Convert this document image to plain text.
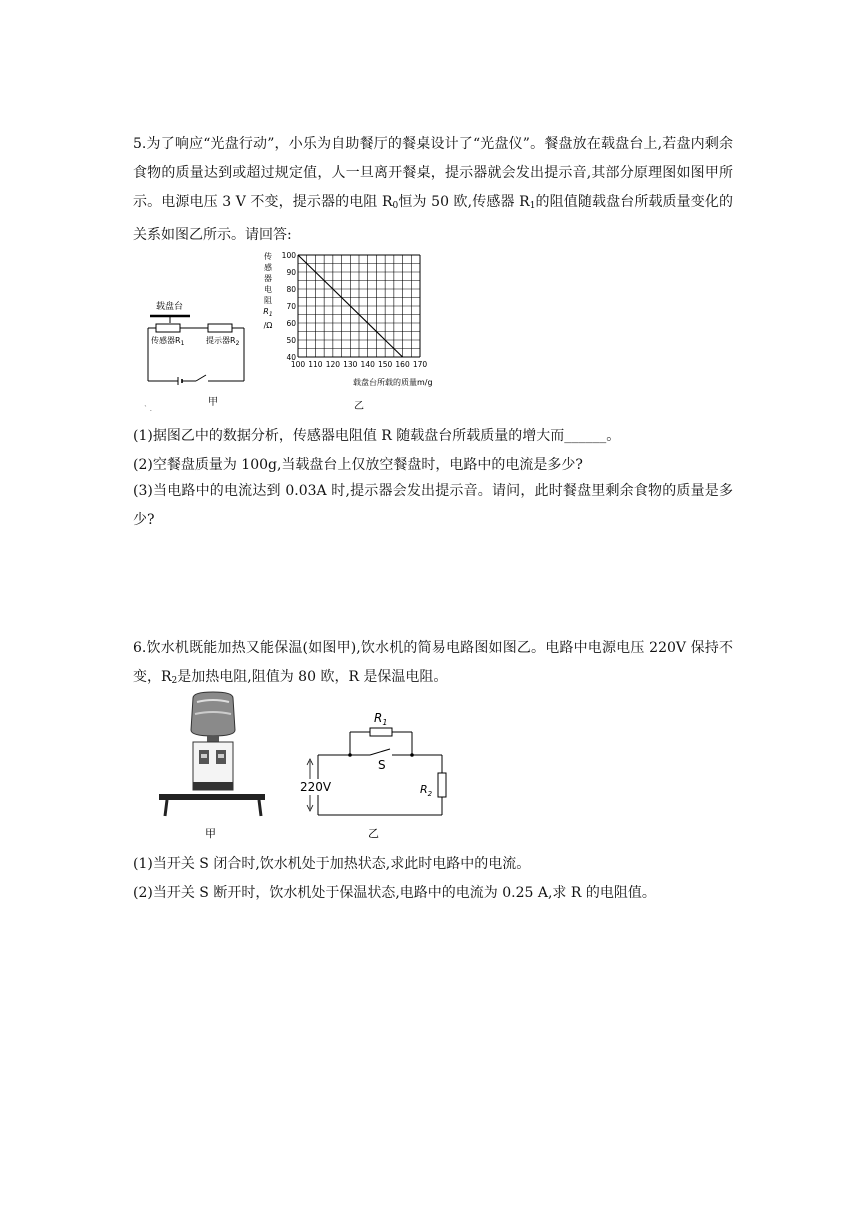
5.为了响应“光盘行动”，小乐为自助餐厅的餐桌设计了“光盘仪”。餐盘放在载盘台上,若盘内剩余食物的质量达到或超过规定值，人一旦离开餐桌，提示器就会发出提示音,其部分原理图如图甲所示。电源电压 3 V 不变，提示器的电阻 $R_0$恒为 50 欧,传感器 $R_1$的阻值随载盘台所载质量变化的关系如图乙所示。请回答:
载盘台
传感器$R_1$	提示器$R_2$
甲
` .
传
感
器
电
阻
$R_1$
/Ω
100 110 120 130 140 150 160 170
40
50
60
70
80
90
100
载盘台所载的质量m/g
乙
(1)据图乙中的数据分析，传感器电阻值 R 随载盘台所载质量的增大而______。
(2)空餐盘质量为 100g,当载盘台上仅放空餐盘时，电路中的电流是多少?
(3)当电路中的电流达到 0.03A 时,提示器会发出提示音。请问，此时餐盘里剩余食物的质量是多少?
6.饮水机既能加热又能保温(如图甲),饮水机的简易电路图如图乙。电路中电源电压 220V 保持不变，$R_2$是加热电阻,阻值为 80 欧，R 是保温电阻。
甲
$R_1$
S
220V	$R_2$
乙
(1)当开关 S 闭合时,饮水机处于加热状态,求此时电路中的电流。
(2)当开关 S 断开时，饮水机处于保温状态,电路中的电流为 0.25 A,求 R 的电阻值。
